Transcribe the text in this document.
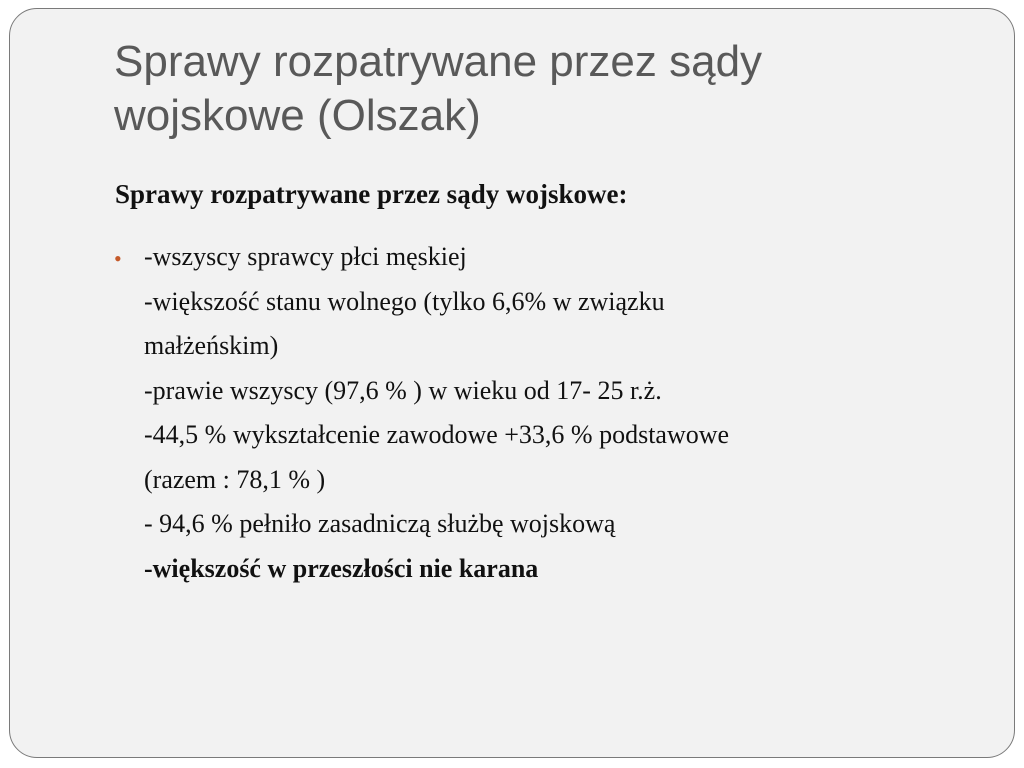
Sprawy rozpatrywane przez sądy
wojskowe (Olszak)

Sprawy rozpatrywane przez sądy wojskowe:

• -wszyscy sprawcy płci męskiej
-większość stanu wolnego (tylko 6,6% w związku
małżeńskim)
-prawie wszyscy (97,6 % ) w wieku od 17- 25 r.ż.
-44,5 % wykształcenie zawodowe +33,6 % podstawowe
(razem : 78,1 % )
- 94,6 % pełniło zasadniczą służbę wojskową
-większość w przeszłości nie karana
